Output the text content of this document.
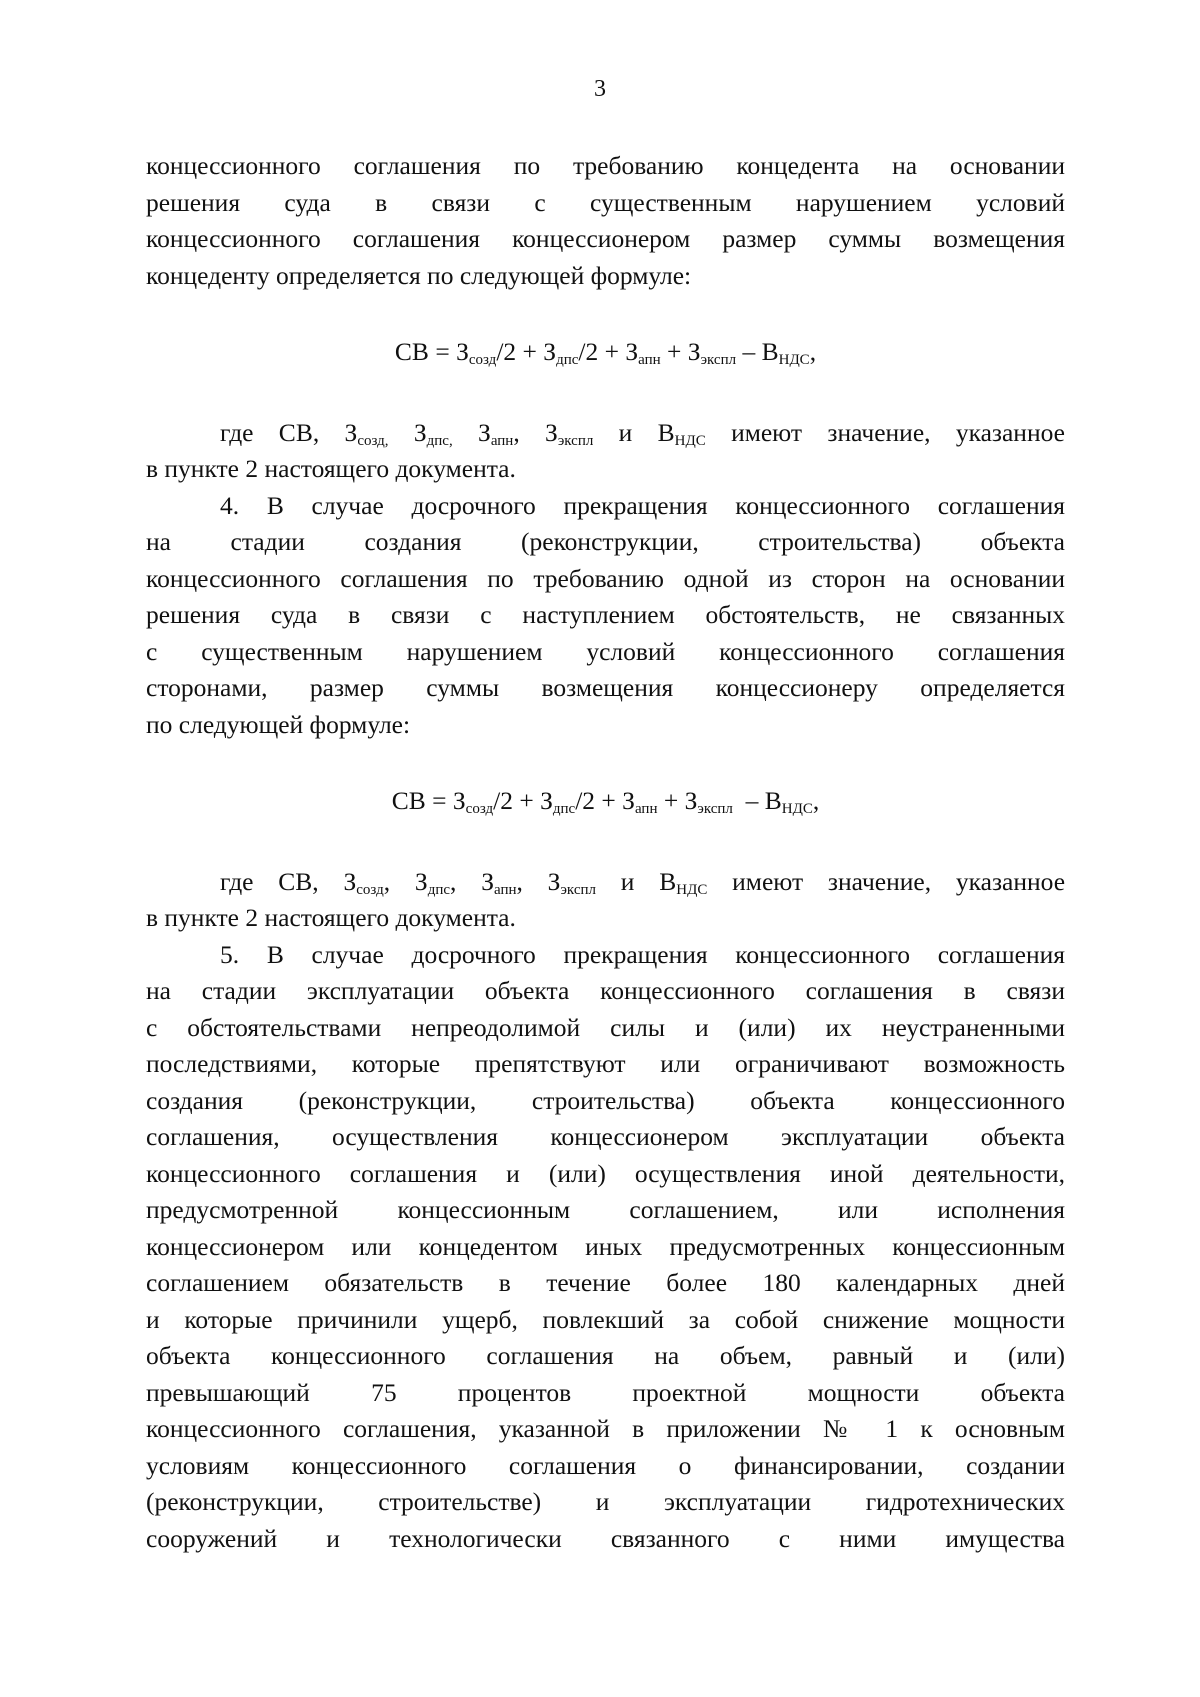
3
концессионного соглашения по требованию концедента на основании
решения суда в связи с существенным нарушением условий
концессионного соглашения концессионером размер суммы возмещения
концеденту определяется по следующей формуле:
СВ = $З_{созд}/2 + З_{дпс}/2 + З_{апн} + З_{экспл} - В_{НДС}$,
где СВ, $З_{созд,}$ $З_{дпс,}$ $З_{апн}$, $З_{экспл}$ и $В_{НДС}$ имеют значение, указанное
в пункте 2 настоящего документа.
4. В случае досрочного прекращения концессионного соглашения
на стадии создания (реконструкции, строительства) объекта
концессионного соглашения по требованию одной из сторон на основании
решения суда в связи с наступлением обстоятельств, не связанных
с существенным нарушением условий концессионного соглашения
сторонами, размер суммы возмещения концессионеру определяется
по следующей формуле:
СВ = $З_{созд}/2 + З_{дпс}/2 + З_{апн} + З_{экспл} - В_{НДС}$,
где СВ, $З_{созд}$, $З_{дпс}$, $З_{апн}$, $З_{экспл}$ и $В_{НДС}$ имеют значение, указанное
в пункте 2 настоящего документа.
5. В случае досрочного прекращения концессионного соглашения
на стадии эксплуатации объекта концессионного соглашения в связи
с обстоятельствами непреодолимой силы и (или) их неустраненными
последствиями, которые препятствуют или ограничивают возможность
создания (реконструкции, строительства) объекта концессионного
соглашения, осуществления концессионером эксплуатации объекта
концессионного соглашения и (или) осуществления иной деятельности,
предусмотренной концессионным соглашением, или исполнения
концессионером или концедентом иных предусмотренных концессионным
соглашением обязательств в течение более 180 календарных дней
и которые причинили ущерб, повлекший за собой снижение мощности
объекта концессионного соглашения на объем, равный и (или)
превышающий 75 процентов проектной мощности объекта
концессионного соглашения, указанной в приложении № 1 к основным
условиям концессионного соглашения о финансировании, создании
(реконструкции, строительстве) и эксплуатации гидротехнических
сооружений и технологически связанного с ними имущества
